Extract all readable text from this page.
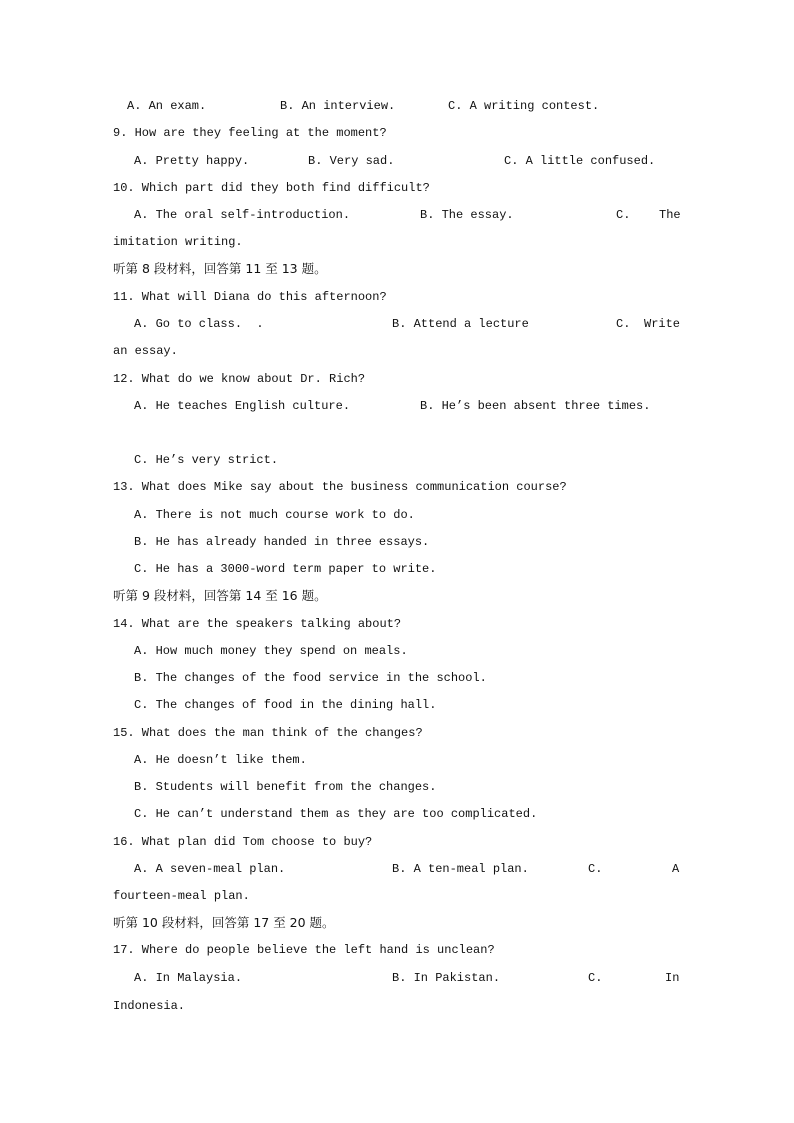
A. An exam.	B. An interview.	C. A writing contest.
9. How are they feeling at the moment?
A. Pretty happy.	B. Very sad.	C. A little confused.
10. Which part did they both find difficult?
A. The oral self-introduction.	B. The essay.	C. The
imitation writing.
听第 8 段材料，回答第 11 至 13 题。
11. What will Diana do this afternoon?
A. Go to class.  .	B. Attend a lecture	C. Write
an essay.
12. What do we know about Dr. Rich?
A. He teaches English culture.	B. He’s been absent three times.
C. He’s very strict.
13. What does Mike say about the business communication course?
A. There is not much course work to do.
B. He has already handed in three essays.
C. He has a 3000-word term paper to write.
听第 9 段材料，回答第 14 至 16 题。
14. What are the speakers talking about?
A. How much money they spend on meals.
B. The changes of the food service in the school.
C. The changes of food in the dining hall.
15. What does the man think of the changes?
A. He doesn’t like them.
B. Students will benefit from the changes.
C. He can’t understand them as they are too complicated.
16. What plan did Tom choose to buy?
A. A seven-meal plan.	B. A ten-meal plan.	C.	A
fourteen-meal plan.
听第 10 段材料，回答第 17 至 20 题。
17. Where do people believe the left hand is unclean?
A. In Malaysia.	B. In Pakistan.	C.	In
Indonesia.
